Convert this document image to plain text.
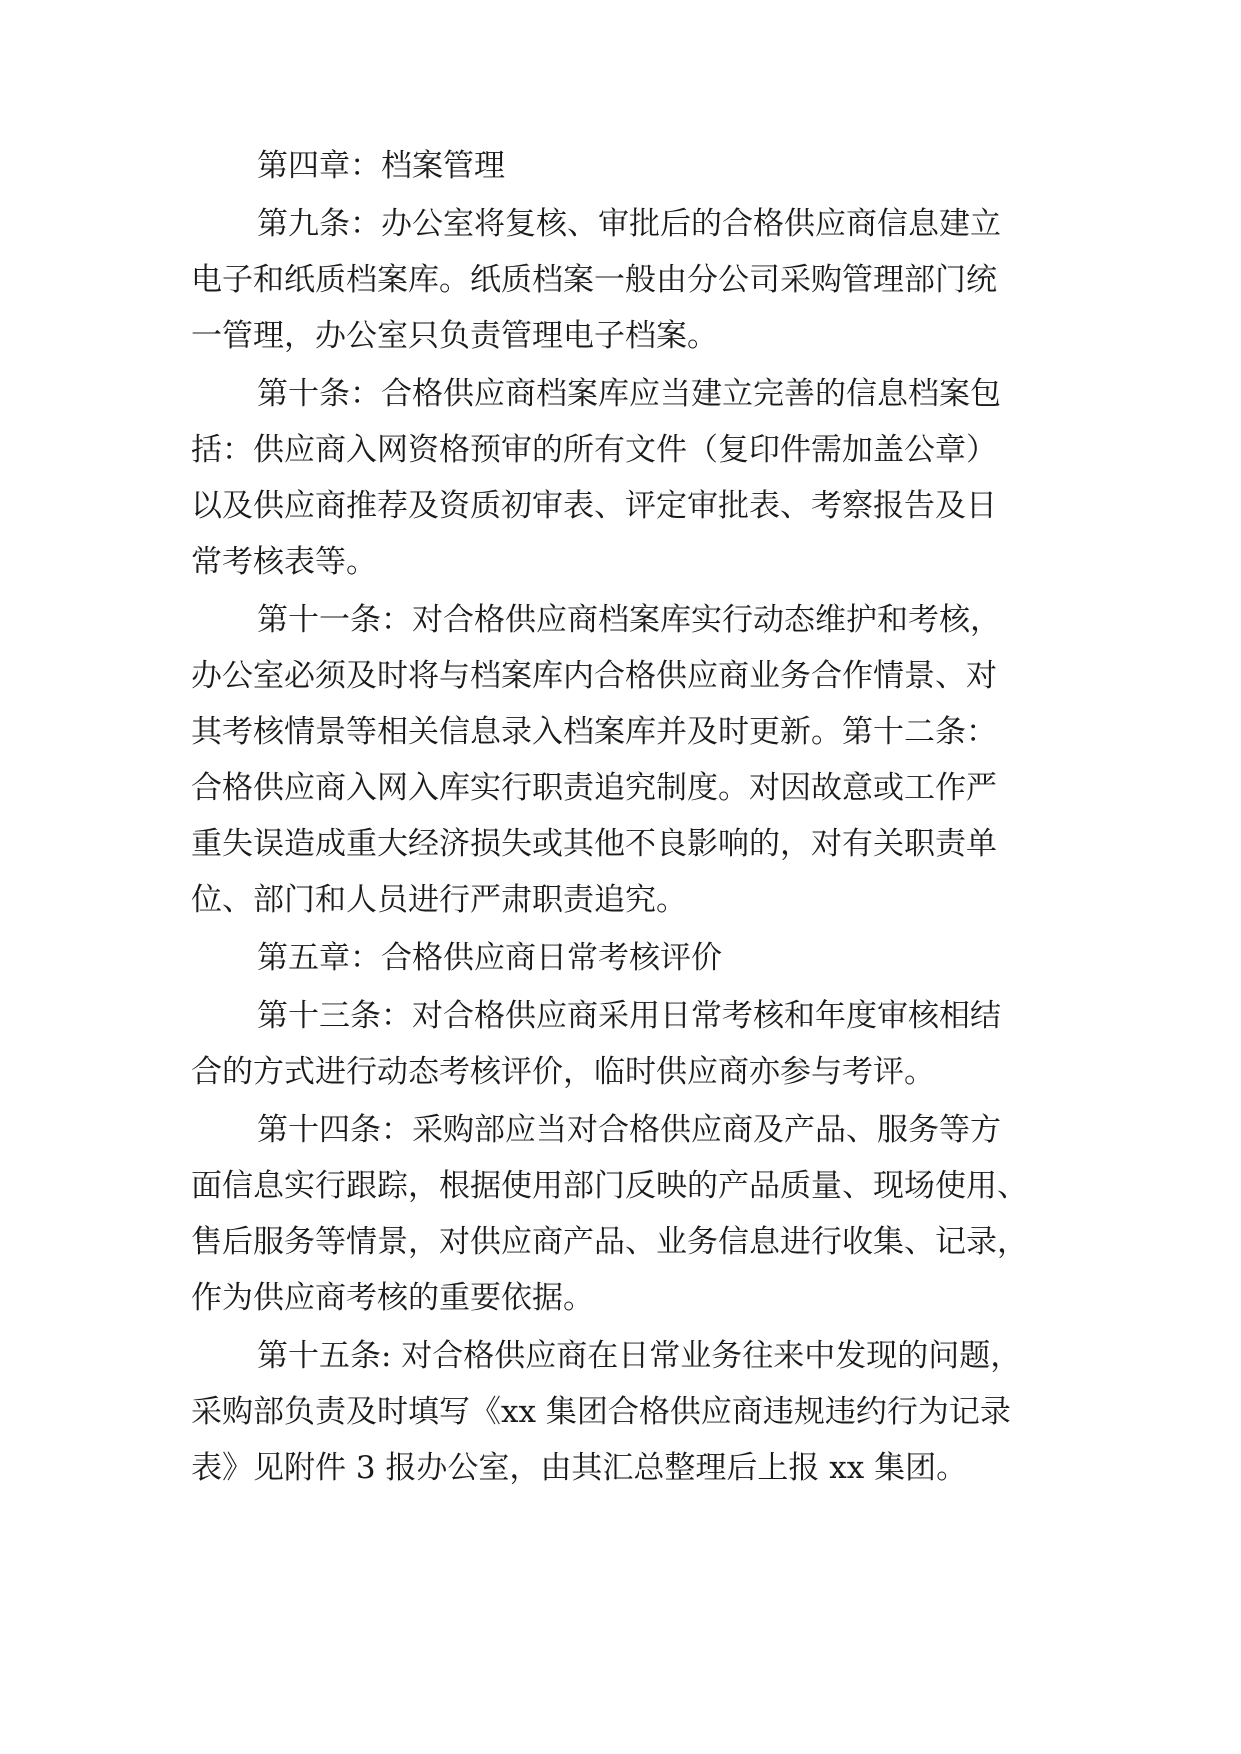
第四章：档案管理

第九条：办公室将复核、审批后的合格供应商信息建立

电子和纸质档案库。纸质档案一般由分公司采购管理部门统

一管理，办公室只负责管理电子档案。

第十条：合格供应商档案库应当建立完善的信息档案包

括：供应商入网资格预审的所有文件（复印件需加盖公章）

以及供应商推荐及资质初审表、评定审批表、考察报告及日

常考核表等。

第十一条：对合格供应商档案库实行动态维护和考核，

办公室必须及时将与档案库内合格供应商业务合作情景、对

其考核情景等相关信息录入档案库并及时更新。第十二条：

合格供应商入网入库实行职责追究制度。对因故意或工作严

重失误造成重大经济损失或其他不良影响的，对有关职责单

位、部门和人员进行严肃职责追究。

第五章：合格供应商日常考核评价

第十三条：对合格供应商采用日常考核和年度审核相结

合的方式进行动态考核评价，临时供应商亦参与考评。

第十四条：采购部应当对合格供应商及产品、服务等方

面信息实行跟踪，根据使用部门反映的产品质量、现场使用、

售后服务等情景，对供应商产品、业务信息进行收集、记录，

作为供应商考核的重要依据。

第十五条: 对合格供应商在日常业务往来中发现的问题，

采购部负责及时填写《xx 集团合格供应商违规违约行为记录

表》见附件 3 报办公室，由其汇总整理后上报 xx 集团。
